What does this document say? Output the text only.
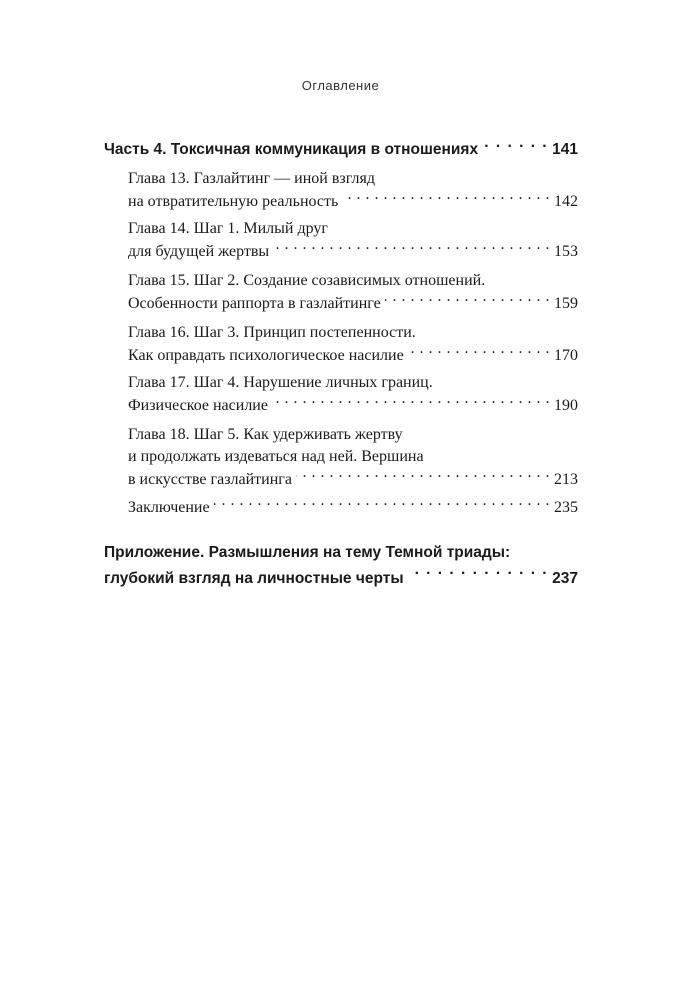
Оглавление
Часть 4. Токсичная коммуникация в отношениях . . .	141
Глава 13. Газлайтинг — иной взгляд
на отвратительную реальность . . .	142
Глава 14. Шаг 1. Милый друг
для будущей жертвы . . .	153
Глава 15. Шаг 2. Создание созависимых отношений.
Особенности раппорта в газлайтинге . . .	159
Глава 16. Шаг 3. Принцип постепенности.
Как оправдать психологическое насилие . . .	170
Глава 17. Шаг 4. Нарушение личных границ.
Физическое насилие . . .	190
Глава 18. Шаг 5. Как удерживать жертву
и продолжать издеваться над ней. Вершина
в искусстве газлайтинга . . .	213
Заключение . . .	235
Приложение. Размышления на тему Темной триады:
глубокий взгляд на личностные черты . . .	237
